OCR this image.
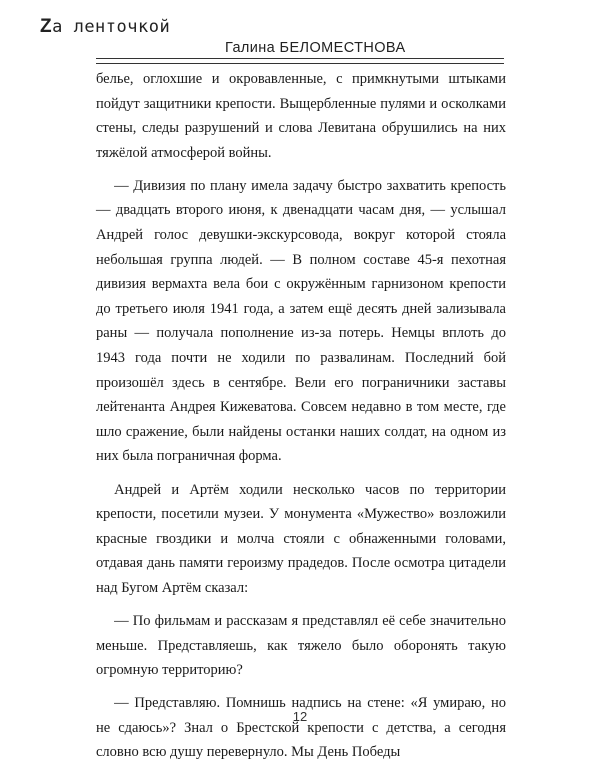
Zа ленточкой
Галина БЕЛОМЕСТНОВА

белье, оглохшие и окровавленные, с примкнутыми штыками пойдут защитники крепости. Выщербленные пулями и осколками стены, следы разрушений и слова Левитана обрушились на них тяжёлой атмосферой войны.

— Дивизия по плану имела задачу быстро захватить крепость — двадцать второго июня, к двенадцати часам дня, — услышал Андрей голос девушки-экскурсовода, вокруг которой стояла небольшая группа людей. — В полном составе 45-я пехотная дивизия вермахта вела бои с окружённым гарнизоном крепости до третьего июля 1941 года, а затем ещё десять дней зализывала раны — получала пополнение из-за потерь. Немцы вплоть до 1943 года почти не ходили по развалинам. Последний бой произошёл здесь в сентябре. Вели его пограничники заставы лейтенанта Андрея Кижеватова. Совсем недавно в том месте, где шло сражение, были найдены останки наших солдат, на одном из них была пограничная форма.

Андрей и Артём ходили несколько часов по территории крепости, посетили музеи. У монумента «Мужество» возложили красные гвоздики и молча стояли с обнаженными головами, отдавая дань памяти героизму прадедов. После осмотра цитадели над Бугом Артём сказал:

— По фильмам и рассказам я представлял её себе значительно меньше. Представляешь, как тяжело было оборонять такую огромную территорию?

— Представляю. Помнишь надпись на стене: «Я умираю, но не сдаюсь»? Знал о Брестской крепости с детства, а сегодня словно всю душу перевернуло. Мы День Победы

12
